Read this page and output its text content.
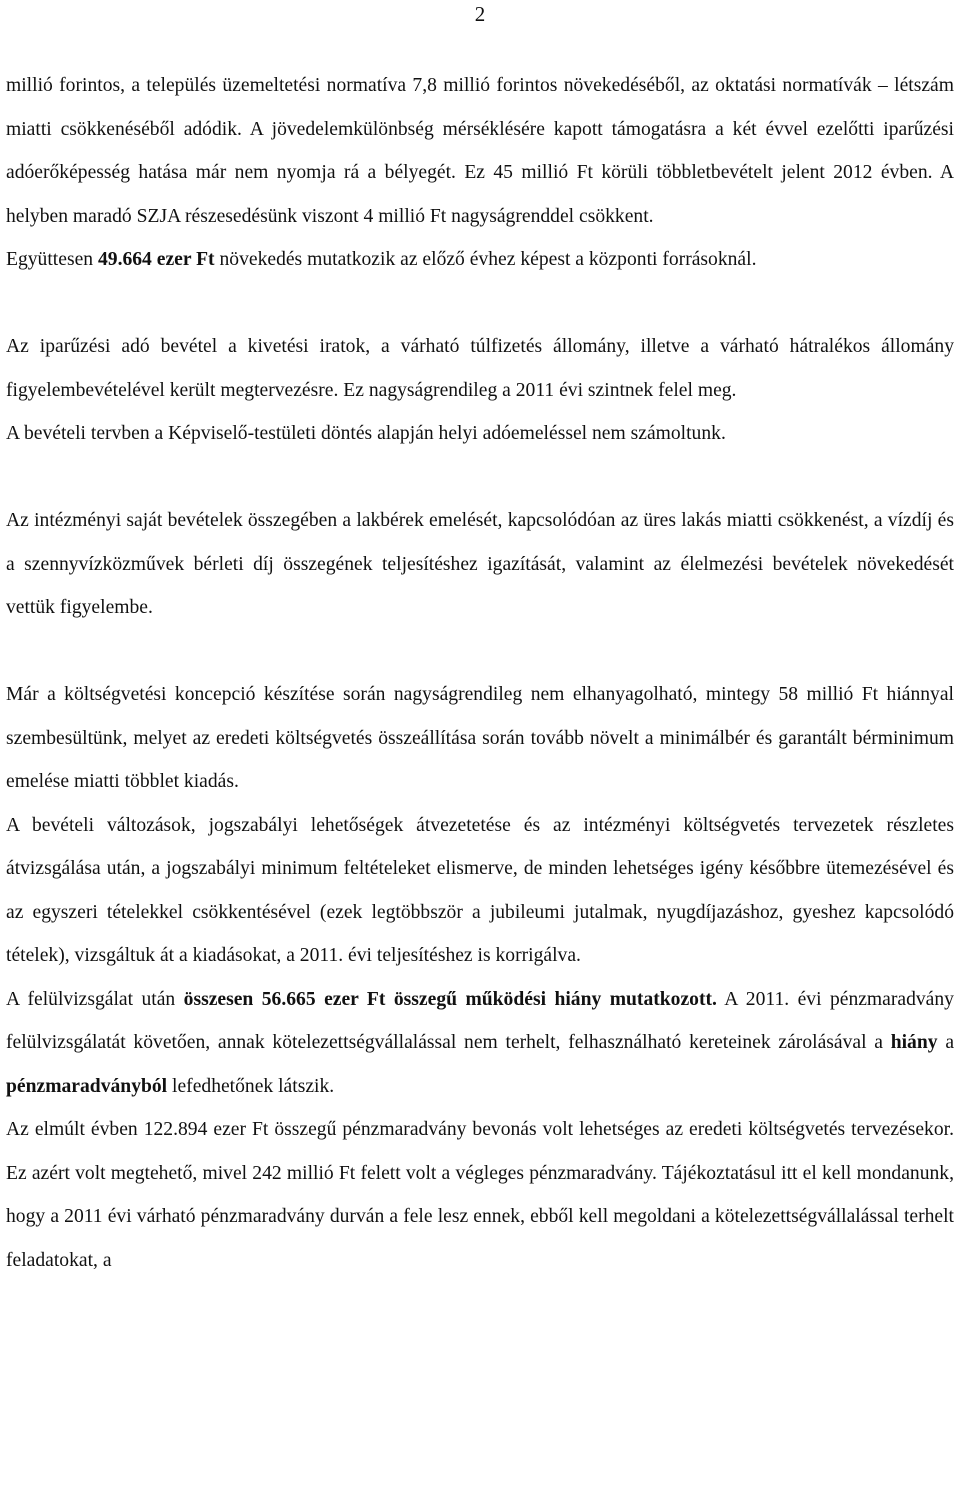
2

millió forintos, a település üzemeltetési normatíva 7,8 millió forintos növekedéséből, az oktatási normatívák – létszám miatti csökkenéséből adódik. A jövedelemkülönbség mérséklésére kapott támogatásra a két évvel ezelőtti iparűzési adóerőképesség hatása már nem nyomja rá a bélyegét. Ez 45 millió Ft körüli többletbevételt jelent 2012 évben. A helyben maradó SZJA részesedésünk viszont 4 millió Ft nagyságrenddel csökkent.

Együttesen 49.664 ezer Ft növekedés mutatkozik az előző évhez képest a központi forrásoknál.

Az iparűzési adó bevétel a kivetési iratok, a várható túlfizetés állomány, illetve a várható hátralékos állomány figyelembevételével került megtervezésre. Ez nagyságrendileg a 2011 évi szintnek felel meg.

A bevételi tervben a Képviselő-testületi döntés alapján helyi adóemeléssel nem számoltunk.

Az intézményi saját bevételek összegében a lakbérek emelését, kapcsolódóan az üres lakás miatti csökkenést, a vízdíj és a szennyvízközművek bérleti díj összegének teljesítéshez igazítását, valamint az élelmezési bevételek növekedését vettük figyelembe.

Már a költségvetési koncepció készítése során nagyságrendileg nem elhanyagolható, mintegy 58 millió Ft hiánnyal szembesültünk, melyet az eredeti költségvetés összeállítása során tovább növelt a minimálbér és garantált bérminimum emelése miatti többlet kiadás.

A bevételi változások, jogszabályi lehetőségek átvezetetése és az intézményi költségvetés tervezetek részletes átvizsgálása után, a jogszabályi minimum feltételeket elismerve, de minden lehetséges igény későbbre ütemezésével és az egyszeri tételekkel csökkentésével (ezek legtöbbször a jubileumi jutalmak, nyugdíjazáshoz, gyeshez kapcsolódó tételek), vizsgáltuk át a kiadásokat, a 2011. évi teljesítéshez is korrigálva.

A felülvizsgálat után összesen 56.665 ezer Ft összegű működési hiány mutatkozott. A 2011. évi pénzmaradvány felülvizsgálatát követően, annak kötelezettségvállalással nem terhelt, felhasználható kereteinek zárolásával a hiány a pénzmaradványból lefedhetőnek látszik.

Az elmúlt évben 122.894 ezer Ft összegű pénzmaradvány bevonás volt lehetséges az eredeti költségvetés tervezésekor. Ez azért volt megtehető, mivel 242 millió Ft felett volt a végleges pénzmaradvány. Tájékoztatásul itt el kell mondanunk, hogy a 2011 évi várható pénzmaradvány durván a fele lesz ennek, ebből kell megoldani a kötelezettségvállalással terhelt feladatokat, a
